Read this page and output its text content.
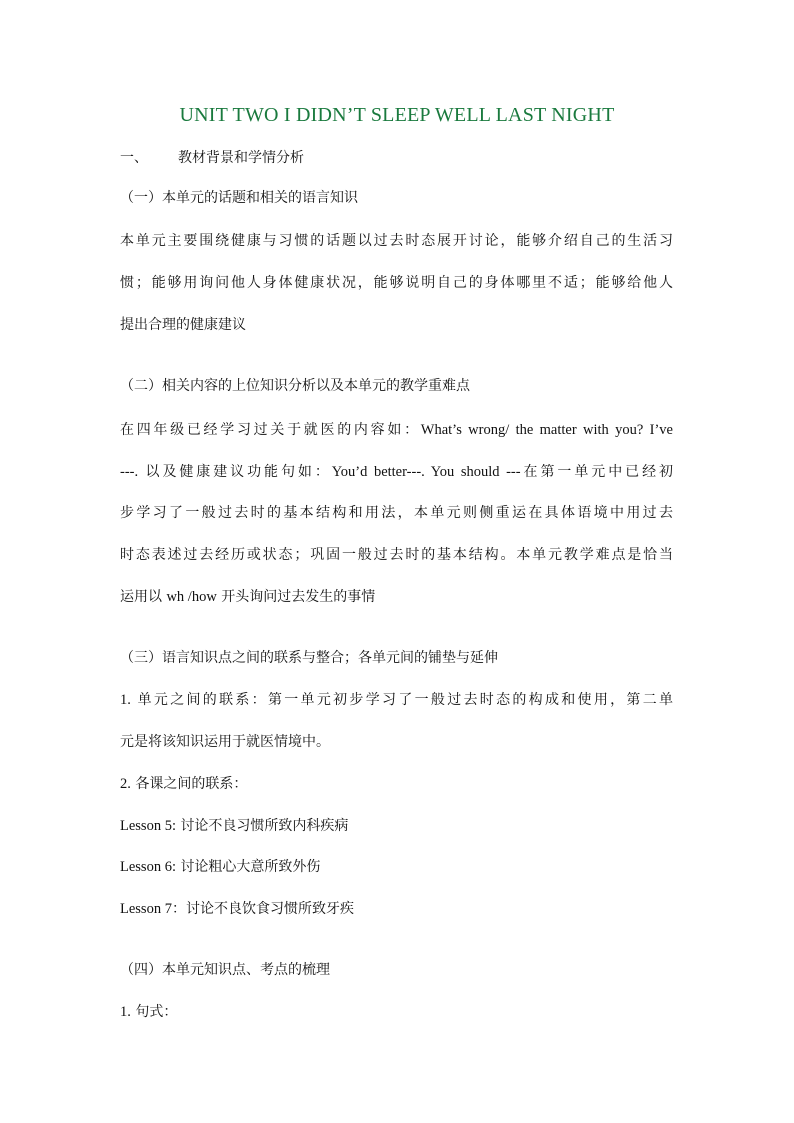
UNIT TWO I DIDN’T SLEEP WELL LAST NIGHT
一、 教材背景和学情分析
（一）本单元的话题和相关的语言知识
本单元主要围绕健康与习惯的话题以过去时态展开讨论，能够介绍自己的生活习
惯；能够用询问他人身体健康状况，能够说明自己的身体哪里不适；能够给他人
提出合理的健康建议
（二）相关内容的上位知识分析以及本单元的教学重难点
在四年级已经学习过关于就医的内容如：What’s wrong/ the matter with you? I’ve
---. 以及健康建议功能句如：You’d better---. You should ---在第一单元中已经初
步学习了一般过去时的基本结构和用法，本单元则侧重运在具体语境中用过去
时态表述过去经历或状态；巩固一般过去时的基本结构。本单元教学难点是恰当
运用以 wh /how 开头询问过去发生的事情
（三）语言知识点之间的联系与整合；各单元间的铺垫与延伸
1. 单元之间的联系：第一单元初步学习了一般过去时态的构成和使用，第二单
元是将该知识运用于就医情境中。
2. 各课之间的联系：
Lesson 5: 讨论不良习惯所致内科疾病
Lesson 6: 讨论粗心大意所致外伤
Lesson 7：讨论不良饮食习惯所致牙疾
（四）本单元知识点、考点的梳理
1. 句式：
